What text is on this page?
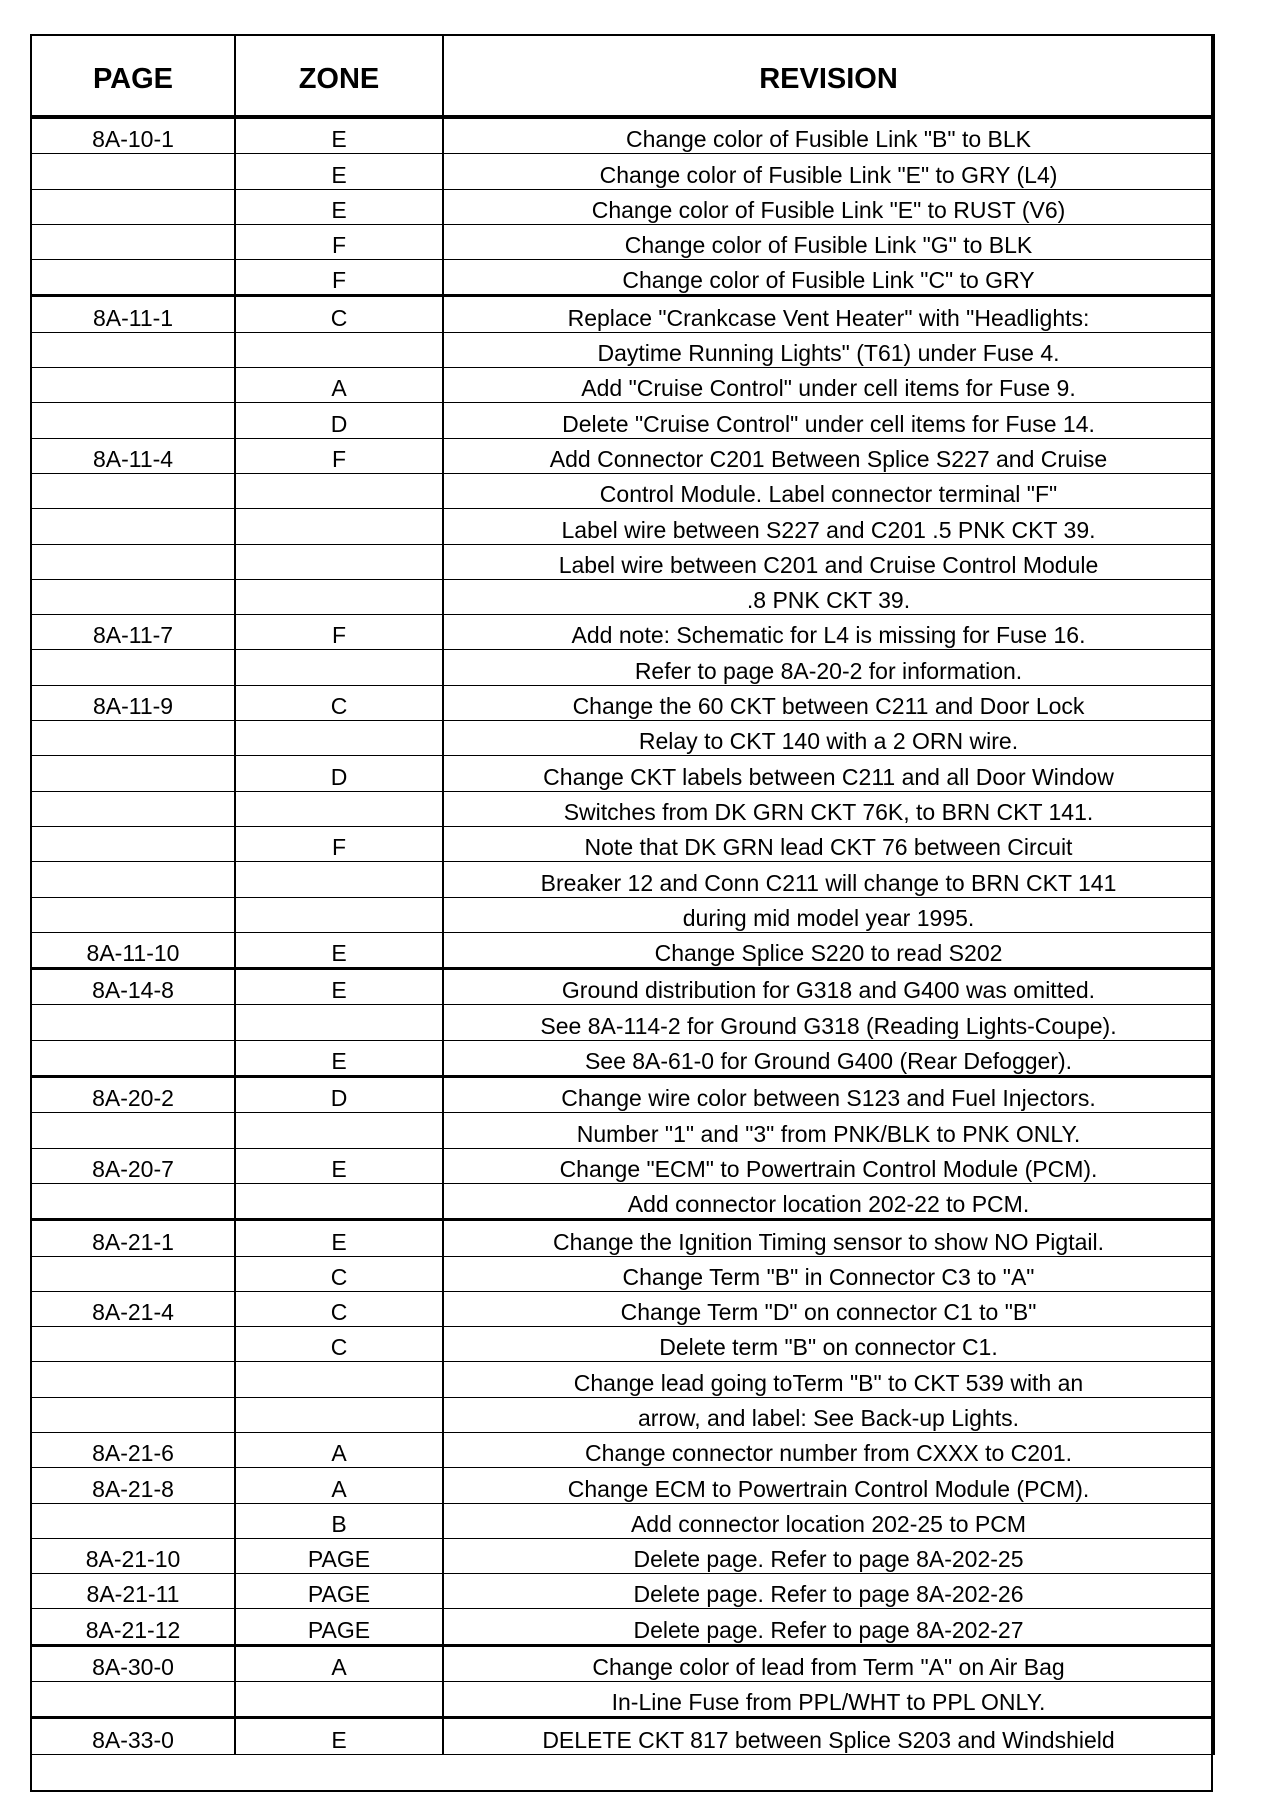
PAGE	ZONE	REVISION
8A-10-1	E	Change color of Fusible Link "B" to BLK
	E	Change color of Fusible Link "E" to GRY (L4)
	E	Change color of Fusible Link "E" to RUST (V6)
	F	Change color of Fusible Link "G" to BLK
	F	Change color of Fusible Link "C" to GRY
8A-11-1	C	Replace "Crankcase Vent Heater" with "Headlights:
		Daytime Running Lights" (T61) under Fuse 4.
	A	Add "Cruise Control" under cell items for Fuse 9.
	D	Delete "Cruise Control" under cell items for Fuse 14.
8A-11-4	F	Add Connector C201 Between Splice S227 and Cruise
		Control Module. Label connector terminal "F"
		Label wire between S227 and C201 .5 PNK CKT 39.
		Label wire between C201 and Cruise Control Module
		.8 PNK CKT 39.
8A-11-7	F	Add note: Schematic for L4 is missing for Fuse 16.
		Refer to page 8A-20-2 for information.
8A-11-9	C	Change the 60 CKT between C211 and Door Lock
		Relay to CKT 140 with a 2 ORN wire.
	D	Change CKT labels between C211 and all Door Window
		Switches from DK GRN CKT 76K, to BRN CKT 141.
	F	Note that DK GRN lead CKT 76 between Circuit
		Breaker 12 and Conn C211 will change to BRN CKT 141
		during mid model year 1995.
8A-11-10	E	Change Splice S220 to read S202
8A-14-8	E	Ground distribution for G318 and G400 was omitted.
		See 8A-114-2 for Ground G318 (Reading Lights-Coupe).
	E	See 8A-61-0 for Ground G400 (Rear Defogger).
8A-20-2	D	Change wire color between S123 and Fuel Injectors.
		Number "1" and "3" from PNK/BLK to PNK ONLY.
8A-20-7	E	Change "ECM" to Powertrain Control Module (PCM).
		Add connector location 202-22 to PCM.
8A-21-1	E	Change the Ignition Timing sensor to show NO Pigtail.
	C	Change Term "B" in Connector C3 to "A"
8A-21-4	C	Change Term "D" on connector C1 to "B"
	C	Delete term "B" on connector C1.
		Change lead going toTerm "B" to CKT 539 with an
		arrow, and label: See Back-up Lights.
8A-21-6	A	Change connector number from CXXX to C201.
8A-21-8	A	Change ECM to Powertrain Control Module (PCM).
	B	Add connector location 202-25 to PCM
8A-21-10	PAGE	Delete page. Refer to page 8A-202-25
8A-21-11	PAGE	Delete page. Refer to page 8A-202-26
8A-21-12	PAGE	Delete page. Refer to page 8A-202-27
8A-30-0	A	Change color of lead from Term "A" on Air Bag
		In-Line Fuse from PPL/WHT to PPL ONLY.
8A-33-0	E	DELETE CKT 817 between Splice S203 and Windshield
